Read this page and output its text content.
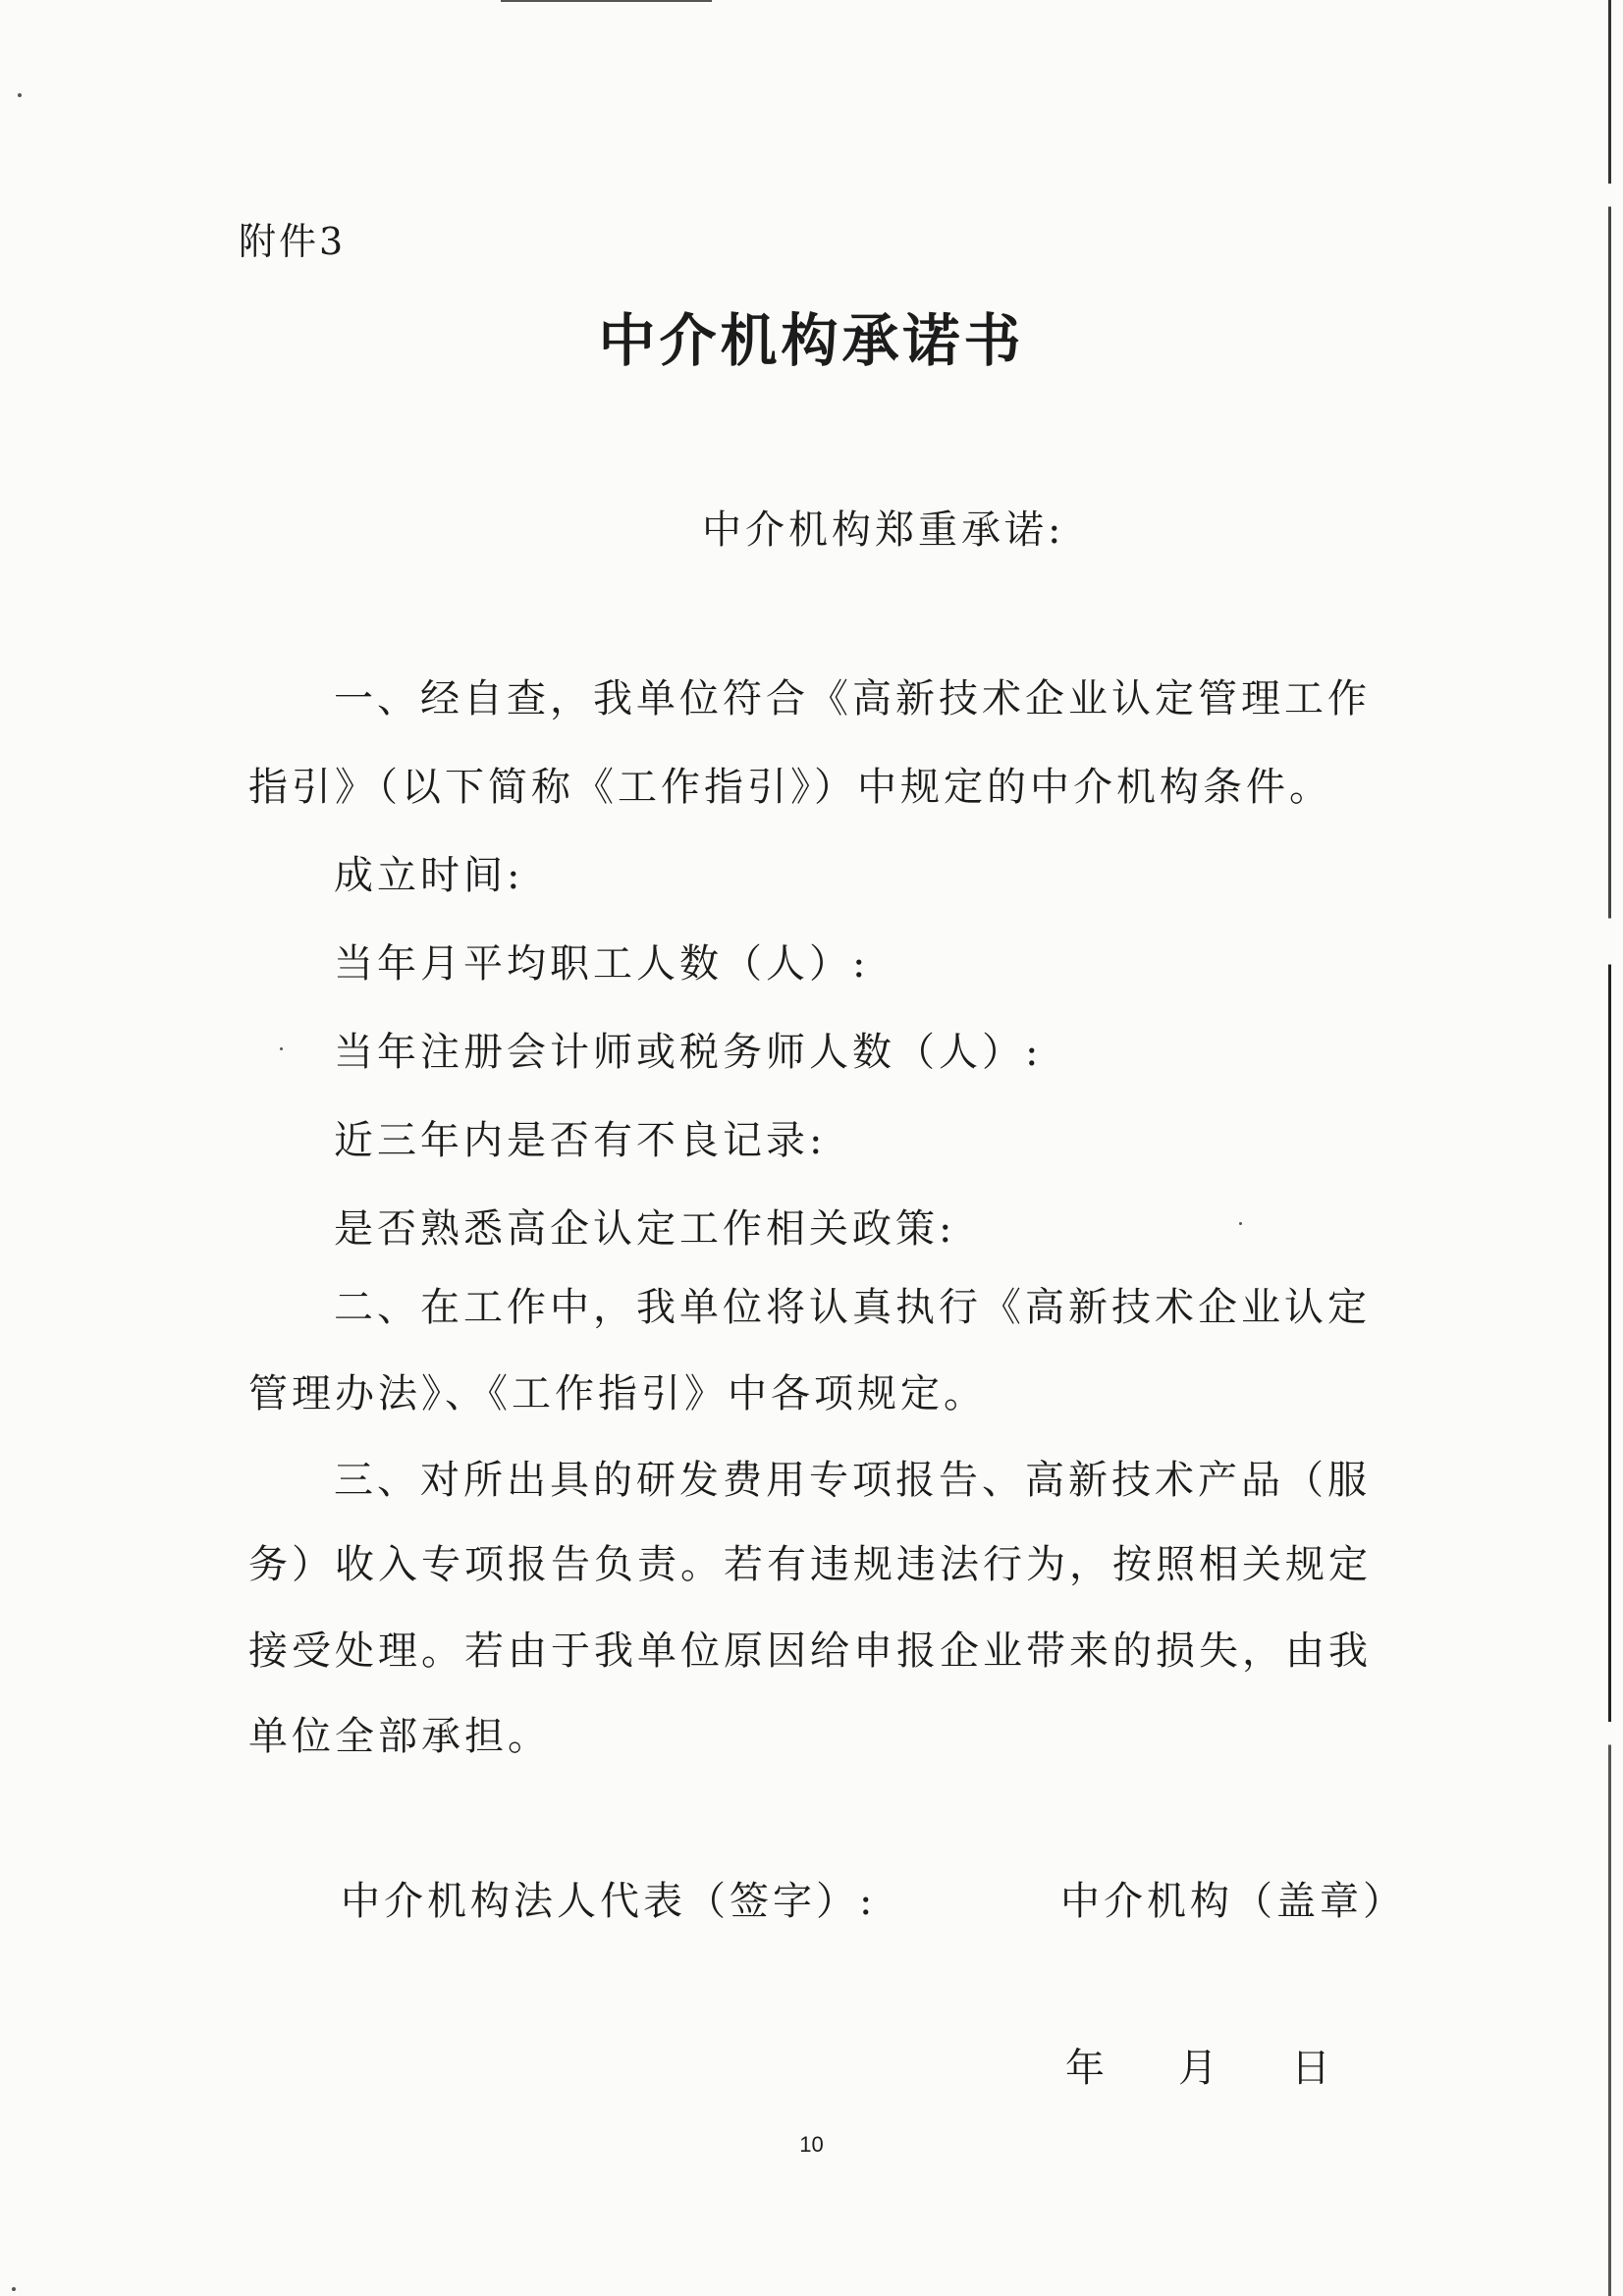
附件3

中介机构承诺书

中介机构郑重承诺:

一、经自查，我单位符合《高新技术企业认定管理工作

指引》（以下简称《工作指引》）中规定的中介机构条件。

成立时间:

当年月平均职工人数（人）:

当年注册会计师或税务师人数（人）:

近三年内是否有不良记录:

是否熟悉高企认定工作相关政策:

二、在工作中，我单位将认真执行《高新技术企业认定

管理办法》、《工作指引》中各项规定。

三、对所出具的研发费用专项报告、高新技术产品（服

务）收入专项报告负责。若有违规违法行为，按照相关规定

接受处理。若由于我单位原因给申报企业带来的损失，由我

单位全部承担。

中介机构法人代表（签字）:	中介机构（盖章）

年 月 日

10
